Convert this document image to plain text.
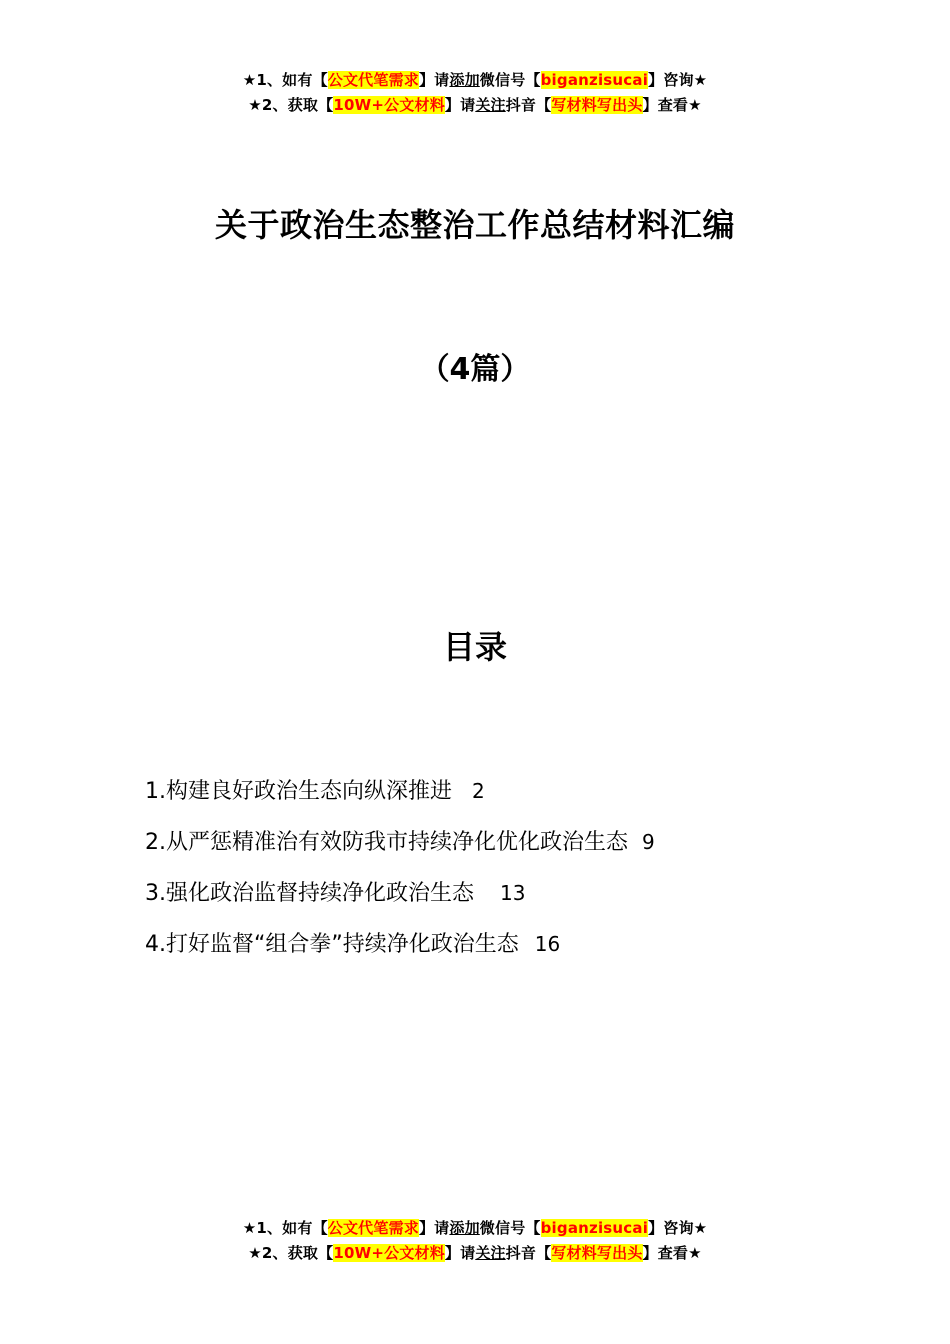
★1、如有【公文代笔需求】请添加微信号【biganzisucai】咨询★
★2、获取【10W+公文材料】请关注抖音【写材料写出头】查看★
关于政治生态整治工作总结材料汇编
（4篇）
目录
1.构建良好政治生态向纵深推进 2
2.从严惩精准治有效防我市持续净化优化政治生态 9
3.强化政治监督持续净化政治生态 13
4.打好监督“组合拳”持续净化政治生态 16
★1、如有【公文代笔需求】请添加微信号【biganzisucai】咨询★
★2、获取【10W+公文材料】请关注抖音【写材料写出头】查看★
